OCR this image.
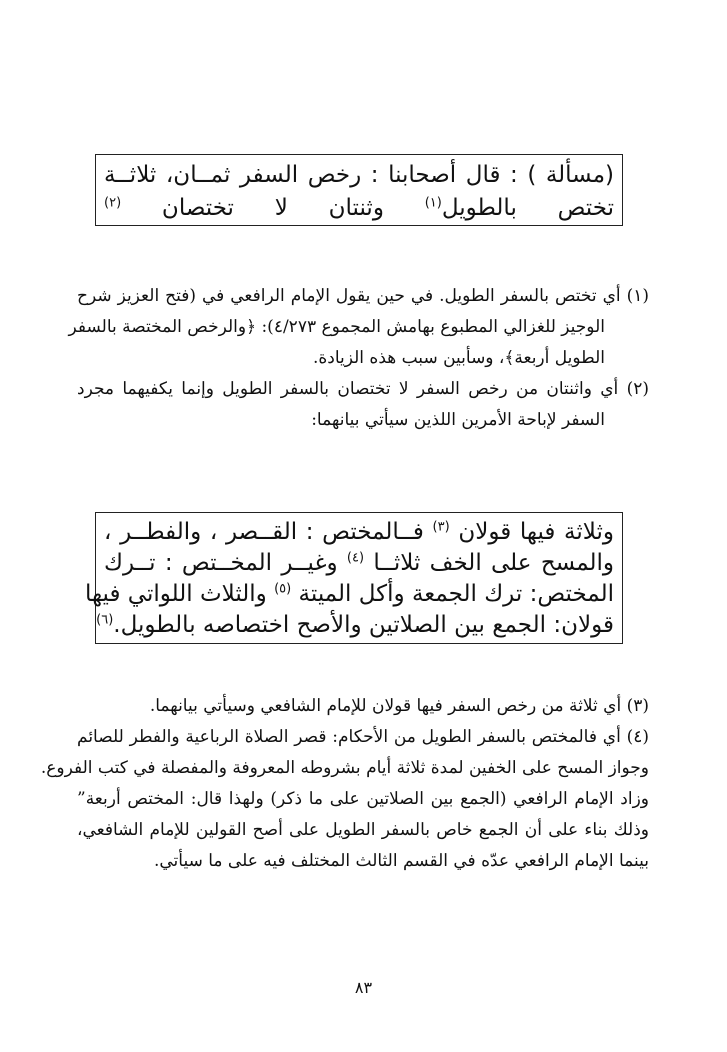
(مسألة ) : قال أصحابنا : رخص السفر ثمــان، ثلاثــة
تختص بالطويل$^{(١)}$ وثنتان لا تختصان $^{(٢)}$
(١) أي تختص بالسفر الطويل. في حين يقول الإمام الرافعي في (فتح العزيز شرح
الوجيز للغزالي المطبوع بهامش المجموع ٤/٢٧٣): ﴿والرخص المختصة بالسفر
الطويل أربعة﴾، وسأبين سبب هذه الزيادة.
(٢) أي واثنتان من رخص السفر لا تختصان بالسفر الطويل وإنما يكفيهما مجرد
السفر لإباحة الأمرين اللذين سيأتي بيانهما:
وثلاثة فيها قولان $^{(٣)}$ فــالمختص : القــصر ، والفطــر ،
والمسح على الخف ثلاثــا $^{(٤)}$ وغيــر المخــتص : تــرك
المختص: ترك الجمعة وأكل الميتة $^{(٥)}$ والثلاث اللواتي فيها
قولان: الجمع بين الصلاتين والأصح اختصاصه بالطويل.$^{(٦)}$
(٣) أي ثلاثة من رخص السفر فيها قولان للإمام الشافعي وسيأتي بيانهما.
(٤) أي فالمختص بالسفر الطويل من الأحكام: قصر الصلاة الرباعية والفطر للصائم
وجواز المسح على الخفين لمدة ثلاثة أيام بشروطه المعروفة والمفصلة في كتب الفروع.
وزاد الإمام الرافعي (الجمع بين الصلاتين على ما ذكر) ولهذا قال: المختص أربعة”
وذلك بناء على أن الجمع خاص بالسفر الطويل على أصح القولين للإمام الشافعي،
بينما الإمام الرافعي عدّه في القسم الثالث المختلف فيه على ما سيأتي.
٨٣
